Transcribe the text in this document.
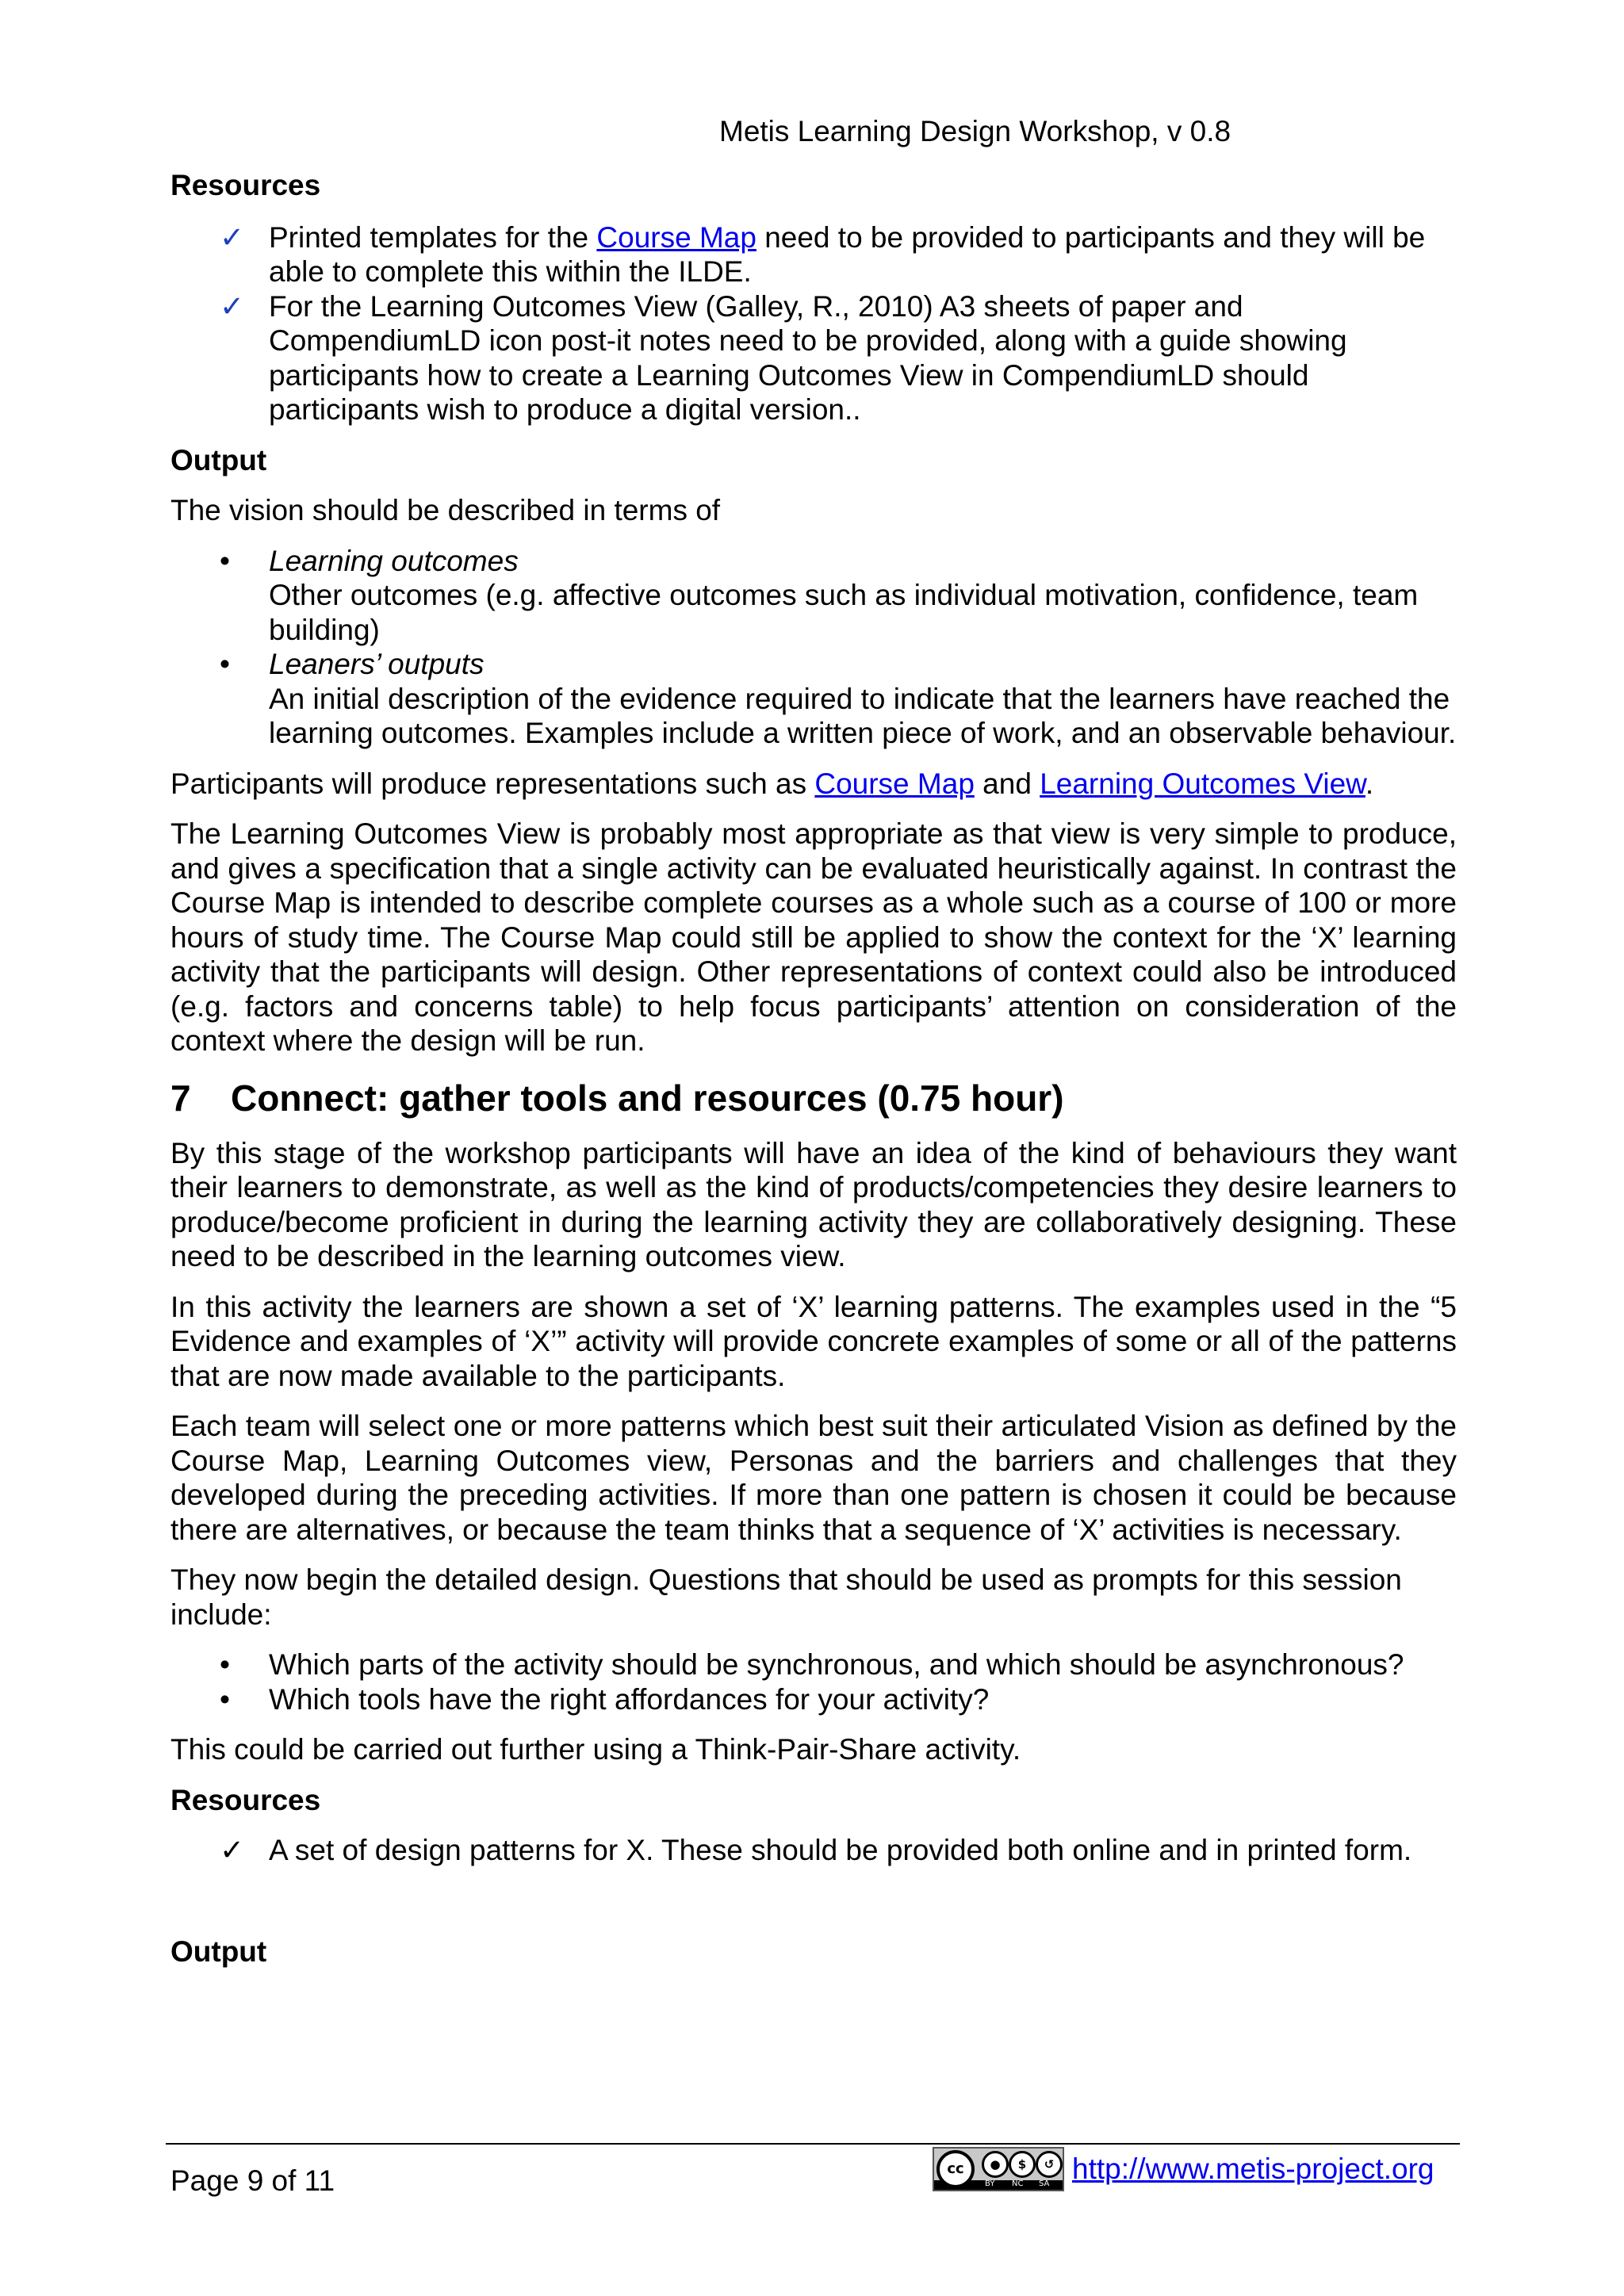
Metis Learning Design Workshop, v 0.8

Resources

✓ Printed templates for the Course Map need to be provided to participants and they will be able to complete this within the ILDE.
✓ For the Learning Outcomes View (Galley, R., 2010) A3 sheets of paper and CompendiumLD icon post-it notes need to be provided, along with a guide showing participants how to create a Learning Outcomes View in CompendiumLD should participants wish to produce a digital version..

Output

The vision should be described in terms of

• Learning outcomes
Other outcomes (e.g. affective outcomes such as individual motivation, confidence, team building)
• Leaners’ outputs
An initial description of the evidence required to indicate that the learners have reached the learning outcomes. Examples include a written piece of work, and an observable behaviour.

Participants will produce representations such as Course Map and Learning Outcomes View.

The Learning Outcomes View is probably most appropriate as that view is very simple to produce, and gives a specification that a single activity can be evaluated heuristically against. In contrast the Course Map is intended to describe complete courses as a whole such as a course of 100 or more hours of study time. The Course Map could still be applied to show the context for the ‘X’ learning activity that the participants will design. Other representations of context could also be introduced (e.g. factors and concerns table) to help focus participants’ attention on consideration of the context where the design will be run.

7 Connect: gather tools and resources (0.75 hour)

By this stage of the workshop participants will have an idea of the kind of behaviours they want their learners to demonstrate, as well as the kind of products/competencies they desire learners to produce/become proficient in during the learning activity they are collaboratively designing. These need to be described in the learning outcomes view.

In this activity the learners are shown a set of ‘X’ learning patterns. The examples used in the “5 Evidence and examples of ‘X’” activity will provide concrete examples of some or all of the patterns that are now made available to the participants.

Each team will select one or more patterns which best suit their articulated Vision as defined by the Course Map, Learning Outcomes view, Personas and the barriers and challenges that they developed during the preceding activities. If more than one pattern is chosen it could be because there are alternatives, or because the team thinks that a sequence of ‘X’ activities is necessary.

They now begin the detailed design. Questions that should be used as prompts for this session include:

• Which parts of the activity should be synchronous, and which should be asynchronous?
• Which tools have the right affordances for your activity?

This could be carried out further using a Think-Pair-Share activity.

Resources

✓ A set of design patterns for X. These should be provided both online and in printed form.

Output

Page 9 of 11	cc	●	$	↺
BY NC SA http://www.metis-project.org
